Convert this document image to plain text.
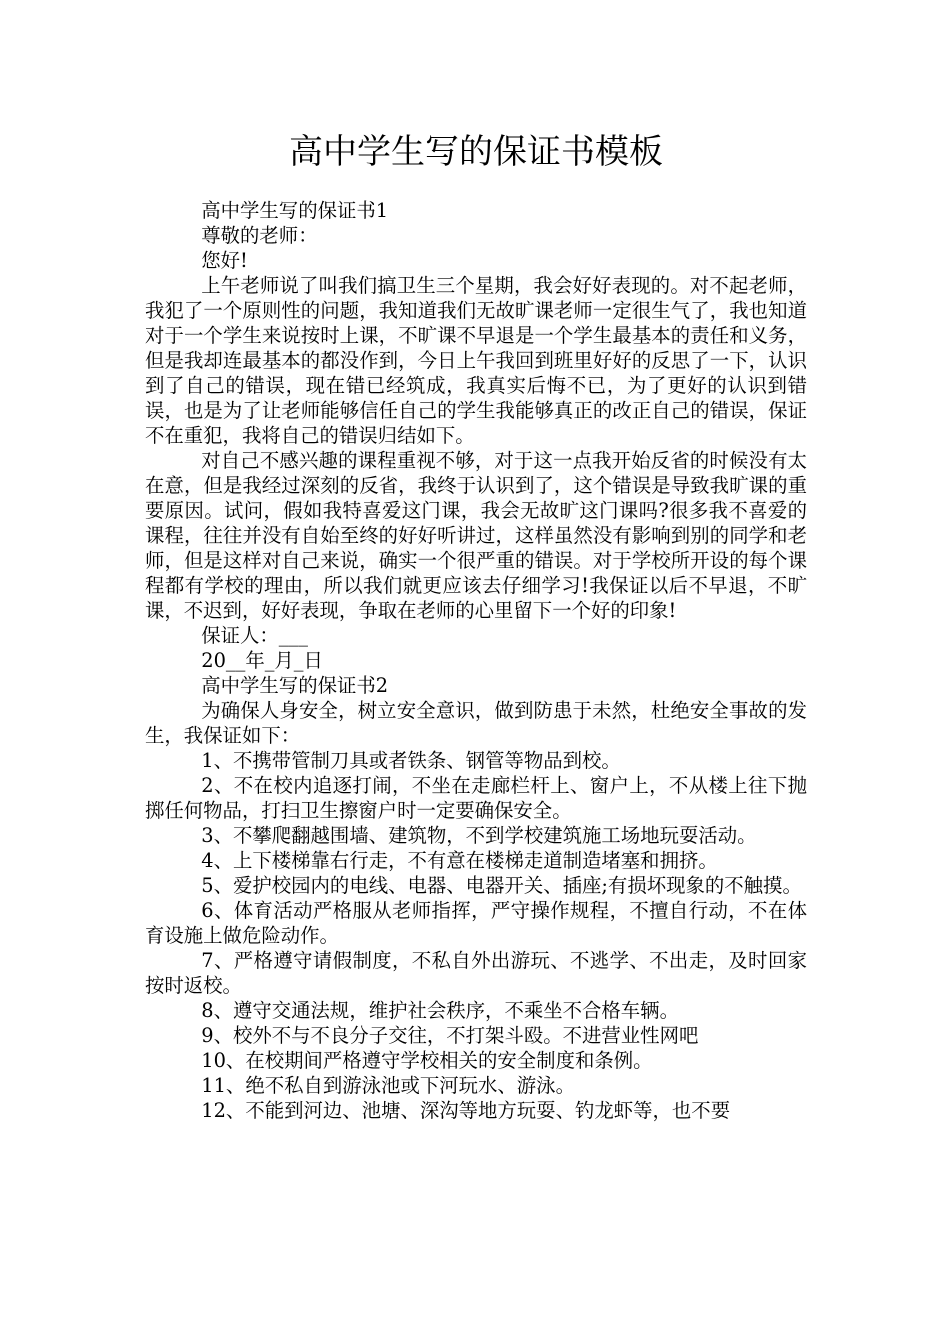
高中学生写的保证书模板

高中学生写的保证书1

尊敬的老师：

您好!

上午老师说了叫我们搞卫生三个星期，我会好好表现的。对不起老师，我犯了一个原则性的问题，我知道我们无故旷课老师一定很生气了，我也知道对于一个学生来说按时上课，不旷课不早退是一个学生最基本的责任和义务，但是我却连最基本的都没作到，今日上午我回到班里好好的反思了一下，认识到了自己的错误，现在错已经筑成，我真实后悔不已，为了更好的认识到错误，也是为了让老师能够信任自己的学生我能够真正的改正自己的错误，保证不在重犯，我将自己的错误归结如下。

对自己不感兴趣的课程重视不够，对于这一点我开始反省的时候没有太在意，但是我经过深刻的反省，我终于认识到了，这个错误是导致我旷课的重要原因。试问，假如我特喜爱这门课，我会无故旷这门课吗?很多我不喜爱的课程，往往并没有自始至终的好好听讲过，这样虽然没有影响到别的同学和老师，但是这样对自己来说，确实一个很严重的错误。对于学校所开设的每个课程都有学校的理由，所以我们就更应该去仔细学习!我保证以后不早退，不旷课，不迟到，好好表现，争取在老师的心里留下一个好的印象!

保证人：___

20__年_月_日

高中学生写的保证书2

为确保人身安全，树立安全意识，做到防患于未然，杜绝安全事故的发生，我保证如下：

1、不携带管制刀具或者铁条、钢管等物品到校。

2、不在校内追逐打闹，不坐在走廊栏杆上、窗户上，不从楼上往下抛掷任何物品，打扫卫生擦窗户时一定要确保安全。

3、不攀爬翻越围墙、建筑物，不到学校建筑施工场地玩耍活动。

4、上下楼梯靠右行走，不有意在楼梯走道制造堵塞和拥挤。

5、爱护校园内的电线、电器、电器开关、插座;有损坏现象的不触摸。

6、体育活动严格服从老师指挥，严守操作规程，不擅自行动，不在体育设施上做危险动作。

7、严格遵守请假制度，不私自外出游玩、不逃学、不出走，及时回家按时返校。

8、遵守交通法规，维护社会秩序，不乘坐不合格车辆。

9、校外不与不良分子交往，不打架斗殴。不进营业性网吧

10、在校期间严格遵守学校相关的安全制度和条例。

11、绝不私自到游泳池或下河玩水、游泳。

12、不能到河边、池塘、深沟等地方玩耍、钓龙虾等，也不要
